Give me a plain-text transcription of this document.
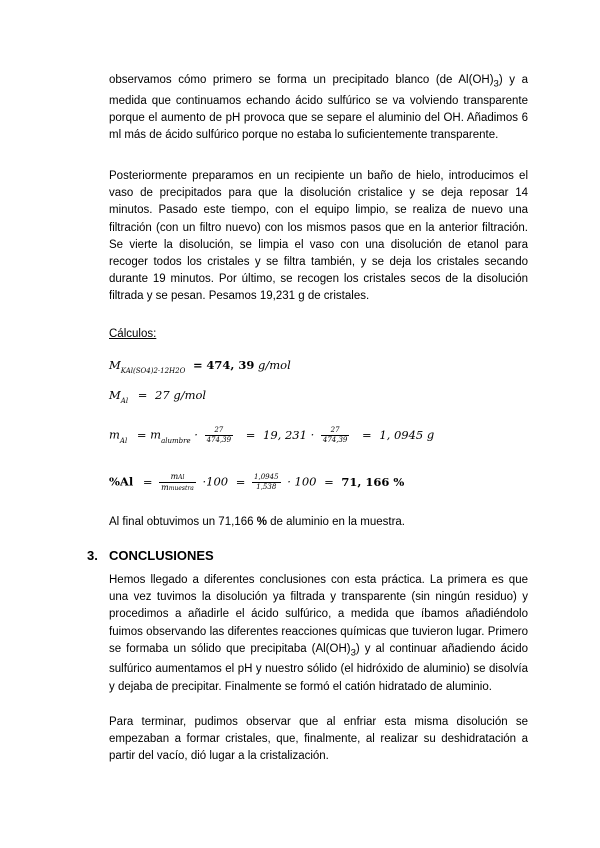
observamos cómo primero se forma un precipitado blanco (de $Al(OH)_3$) y a medida que continuamos echando ácido sulfúrico se va volviendo transparente porque el aumento de pH provoca que se separe el aluminio del OH. Añadimos 6 ml más de ácido sulfúrico porque no estaba lo suficientemente transparente.

Posteriormente preparamos en un recipiente un baño de hielo, introducimos el vaso de precipitados para que la disolución cristalice y se deja reposar 14 minutos. Pasado este tiempo, con el equipo limpio, se realiza de nuevo una filtración (con un filtro nuevo) con los mismos pasos que en la anterior filtración. Se vierte la disolución, se limpia el vaso con una disolución de etanol para recoger todos los cristales y se filtra también, y se deja los cristales secando durante 19 minutos. Por último, se recogen los cristales secos de la disolución filtrada y se pesan. Pesamos 19,231 g de cristales.

Cálculos:
$M_{KAl(SO4)2\cdot 12H2O} = 474$, 39 g/mol
$M_{Al} = 27$ g/mol
$m_{Al} = m_{alumbre} \cdot \frac{27}{474,39} = 19$, $231 \cdot \frac{27}{474,39} = 1$, 0945 g
$\%Al = \frac{\text{mAl}}{\text{mmuestra}} \cdot 100 = \frac{1,0945}{1,538} \cdot 100 = 71$, 166 %
Al final obtuvimos un 71,166 % de aluminio en la muestra.
3. CONCLUSIONES

Hemos llegado a diferentes conclusiones con esta práctica. La primera es que una vez tuvimos la disolución ya filtrada y transparente (sin ningún residuo) y procedimos a añadirle el ácido sulfúrico, a medida que íbamos añadiéndolo fuimos observando las diferentes reacciones químicas que tuvieron lugar. Primero se formaba un sólido que precipitaba $(Al(OH)_3)$ y al continuar añadiendo ácido sulfúrico aumentamos el pH y nuestro sólido (el hidróxido de aluminio) se disolvía y dejaba de precipitar. Finalmente se formó el catión hidratado de aluminio.

Para terminar, pudimos observar que al enfriar esta misma disolución se empezaban a formar cristales, que, finalmente, al realizar su deshidratación a partir del vacío, dió lugar a la cristalización.
